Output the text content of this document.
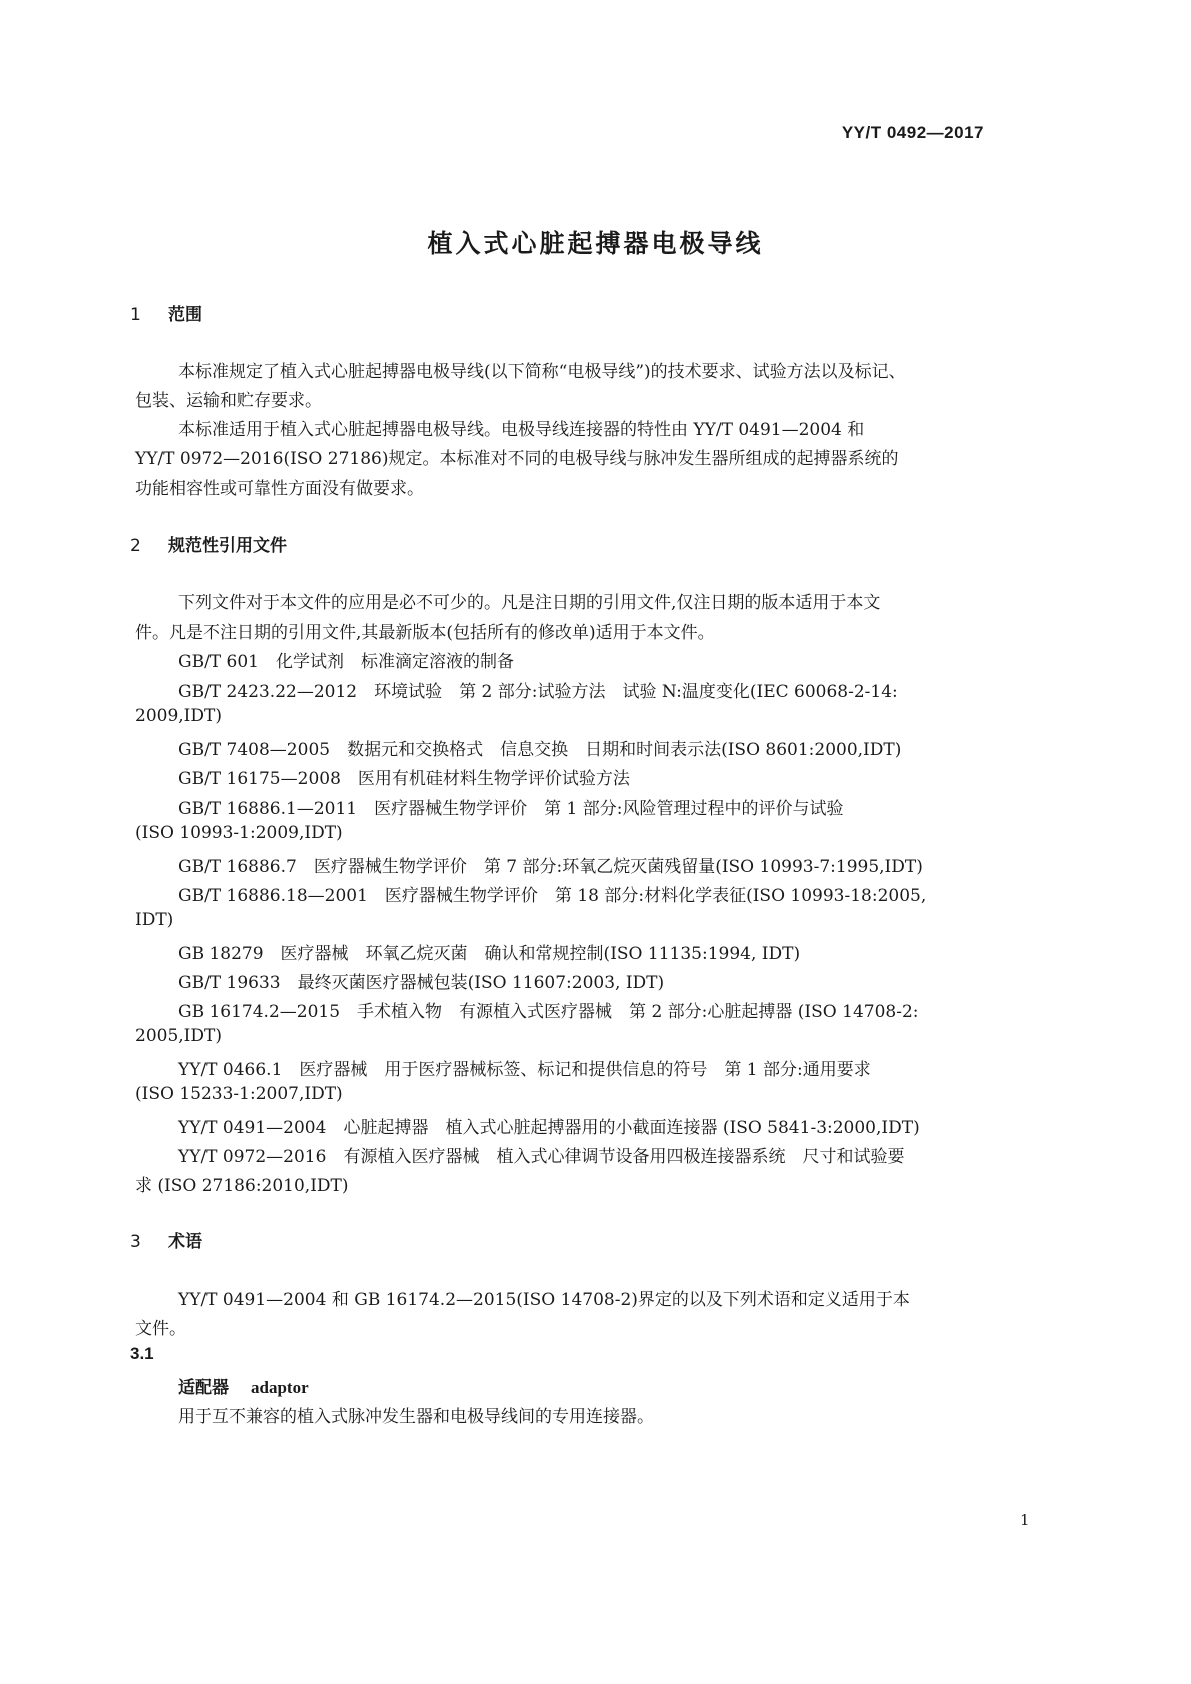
YY/T 0492—2017
植入式心脏起搏器电极导线
1 范围
本标准规定了植入式心脏起搏器电极导线(以下简称“电极导线”)的技术要求、试验方法以及标记、
包装、运输和贮存要求。
本标准适用于植入式心脏起搏器电极导线。电极导线连接器的特性由 YY/T 0491—2004 和
YY/T 0972—2016(ISO 27186)规定。本标准对不同的电极导线与脉冲发生器所组成的起搏器系统的
功能相容性或可靠性方面没有做要求。
2 规范性引用文件
下列文件对于本文件的应用是必不可少的。凡是注日期的引用文件,仅注日期的版本适用于本文
件。凡是不注日期的引用文件,其最新版本(包括所有的修改单)适用于本文件。
GB/T 601　化学试剂　标准滴定溶液的制备
GB/T 2423.22—2012　环境试验　第 2 部分:试验方法　试验 N:温度变化(IEC 60068-2-14:
2009,IDT)
GB/T 7408—2005　数据元和交换格式　信息交换　日期和时间表示法(ISO 8601:2000,IDT)
GB/T 16175—2008　医用有机硅材料生物学评价试验方法
GB/T 16886.1—2011　医疗器械生物学评价　第 1 部分:风险管理过程中的评价与试验
(ISO 10993-1:2009,IDT)
GB/T 16886.7　医疗器械生物学评价　第 7 部分:环氧乙烷灭菌残留量(ISO 10993-7:1995,IDT)
GB/T 16886.18—2001　医疗器械生物学评价　第 18 部分:材料化学表征(ISO 10993-18:2005,
IDT)
GB 18279　医疗器械　环氧乙烷灭菌　确认和常规控制(ISO 11135:1994, IDT)
GB/T 19633　最终灭菌医疗器械包装(ISO 11607:2003, IDT)
GB 16174.2—2015　手术植入物　有源植入式医疗器械　第 2 部分:心脏起搏器 (ISO 14708-2:
2005,IDT)
YY/T 0466.1　医疗器械　用于医疗器械标签、标记和提供信息的符号　第 1 部分:通用要求
(ISO 15233-1:2007,IDT)
YY/T 0491—2004　心脏起搏器　植入式心脏起搏器用的小截面连接器 (ISO 5841-3:2000,IDT)
YY/T 0972—2016　有源植入医疗器械　植入式心律调节设备用四极连接器系统　尺寸和试验要
求 (ISO 27186:2010,IDT)
3 术语
YY/T 0491—2004 和 GB 16174.2—2015(ISO 14708-2)界定的以及下列术语和定义适用于本
文件。
3.1
适配器 adaptor
用于互不兼容的植入式脉冲发生器和电极导线间的专用连接器。
1
